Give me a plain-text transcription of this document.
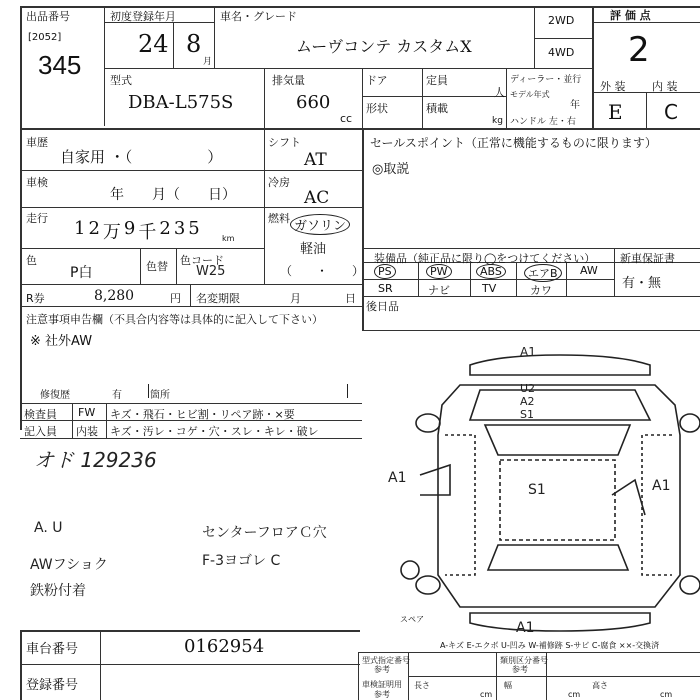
出品番号
[2052]
345
初度登録年月
24 8
月
車名・グレード
ムーヴコンテ カスタムX
2WD
4WD
評 価 点
2
型式
DBA-L575S
排気量
660
cc
ドア	定員
人
形状	積載
kg
ディーラー・並行
モデル年式
年
ハンドル 左・右
外 装 内 装
E C
車歴
自家用 ・（　　　　　）
シフト
AT
車検
年　　月（　　日）
冷房
AC
走行 1 2 万 9 千 2 3 5	km
燃料
ガソリン
軽油
（　　・　　）
色
P白	色替 色コード
W25
R券	8,280	円 名変期限	月　　　　日
注意事項申告欄（不具合内容等は具体的に記入して下さい）
※ 社外AW
修復歴	有	箇所
検査員 FW キズ・飛石・ヒビ割・リペア跡・×要
記入員 内装 キズ・汚レ・コゲ・穴・スレ・キレ・破レ
オド 129236
A. U
AWフショク
鉄粉付着
センターフロアＣ穴
F-3ヨゴレ C
セールスポイント（正常に機能するものに限ります）
◎取説
装備品（純正品に限り◯をつけてください） 新車保証書
有・無
PS	PW	ABS	エアB	AW
SR	ナビ	TV	カワ
後日品
A1
U2
A2
S1
A1	A1
S1
A1
スペア
A-キズ E-エクボ U-凹み W-補修跡 S-サビ C-腐食 ××-交換済
車台番号	0162954
登録番号
型式指定番号
参考
類別区分番号
参考
車検証明用
参考
長さ
cm
幅
cm
高さ
cm
